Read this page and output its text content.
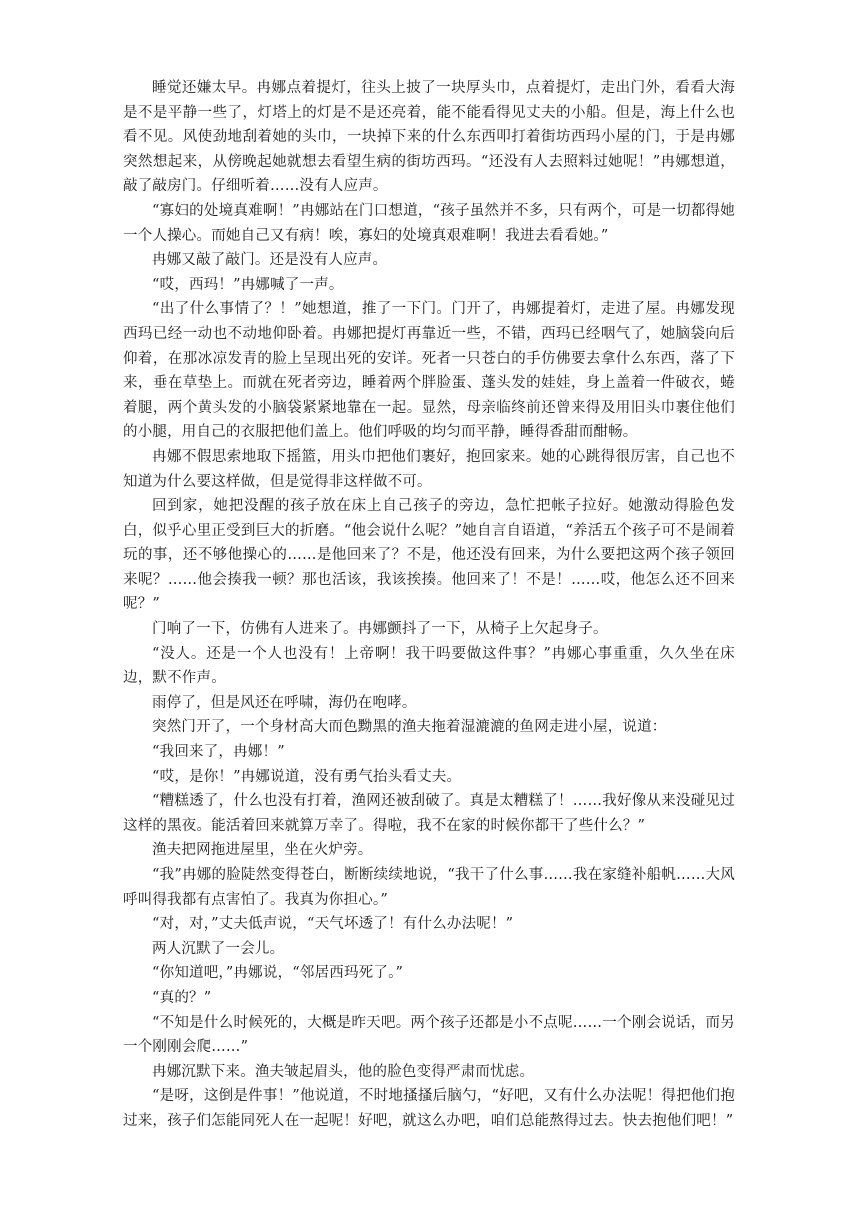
睡觉还嫌太早。冉娜点着提灯，往头上披了一块厚头巾，点着提灯，走出门外，看看大海是不是平静一些了，灯塔上的灯是不是还亮着，能不能看得见丈夫的小船。但是，海上什么也看不见。风使劲地刮着她的头巾，一块掉下来的什么东西叩打着街坊西玛小屋的门，于是冉娜突然想起来，从傍晚起她就想去看望生病的街坊西玛。“还没有人去照料过她呢！”冉娜想道，敲了敲房门。仔细听着……没有人应声。

“寡妇的处境真难啊！”冉娜站在门口想道，“孩子虽然并不多，只有两个，可是一切都得她一个人操心。而她自己又有病！唉，寡妇的处境真艰难啊！我进去看看她。”

冉娜又敲了敲门。还是没有人应声。

“哎，西玛！”冉娜喊了一声。

“出了什么事情了？！”她想道，推了一下门。门开了，冉娜提着灯，走进了屋。冉娜发现西玛已经一动也不动地仰卧着。冉娜把提灯再靠近一些，不错，西玛已经咽气了，她脑袋向后仰着，在那冰凉发青的脸上呈现出死的安详。死者一只苍白的手仿佛要去拿什么东西，落了下来，垂在草垫上。而就在死者旁边，睡着两个胖脸蛋、蓬头发的娃娃，身上盖着一件破衣，蜷着腿，两个黄头发的小脑袋紧紧地靠在一起。显然，母亲临终前还曾来得及用旧头巾裹住他们的小腿，用自己的衣服把他们盖上。他们呼吸的均匀而平静，睡得香甜而酣畅。

冉娜不假思索地取下摇篮，用头巾把他们裹好，抱回家来。她的心跳得很厉害，自己也不知道为什么要这样做，但是觉得非这样做不可。

回到家，她把没醒的孩子放在床上自己孩子的旁边，急忙把帐子拉好。她激动得脸色发白，似乎心里正受到巨大的折磨。“他会说什么呢？”她自言自语道，“养活五个孩子可不是闹着玩的事，还不够他操心的……是他回来了？不是，他还没有回来，为什么要把这两个孩子领回来呢？……他会揍我一顿？那也活该，我该挨揍。他回来了！不是！……哎，他怎么还不回来呢？”

门响了一下，仿佛有人进来了。冉娜颤抖了一下，从椅子上欠起身子。

“没人。还是一个人也没有！上帝啊！我干吗要做这件事？”冉娜心事重重，久久坐在床边，默不作声。

雨停了，但是风还在呼啸，海仍在咆哮。

突然门开了，一个身材高大而色黝黑的渔夫拖着湿漉漉的鱼网走进小屋，说道：

“我回来了，冉娜！”

“哎，是你！”冉娜说道，没有勇气抬头看丈夫。

“糟糕透了，什么也没有打着，渔网还被刮破了。真是太糟糕了！……我好像从来没碰见过这样的黑夜。能活着回来就算万幸了。得啦，我不在家的时候你都干了些什么？”

渔夫把网拖进屋里，坐在火炉旁。

“我”冉娜的脸陡然变得苍白，断断续续地说，“我干了什么事……我在家缝补船帆……大风呼叫得我都有点害怕了。我真为你担心。”

“对，对，”丈夫低声说，“天气坏透了！有什么办法呢！”

两人沉默了一会儿。

“你知道吧，”冉娜说，“邻居西玛死了。”

“真的？”

“不知是什么时候死的，大概是昨天吧。两个孩子还都是小不点呢……一个刚会说话，而另一个刚刚会爬……”

冉娜沉默下来。渔夫皱起眉头，他的脸色变得严肃而忧虑。

“是呀，这倒是件事！”他说道，不时地搔搔后脑勺，“好吧，又有什么办法呢！得把他们抱过来，孩子们怎能同死人在一起呢！好吧，就这么办吧，咱们总能熬得过去。快去抱他们吧！”
